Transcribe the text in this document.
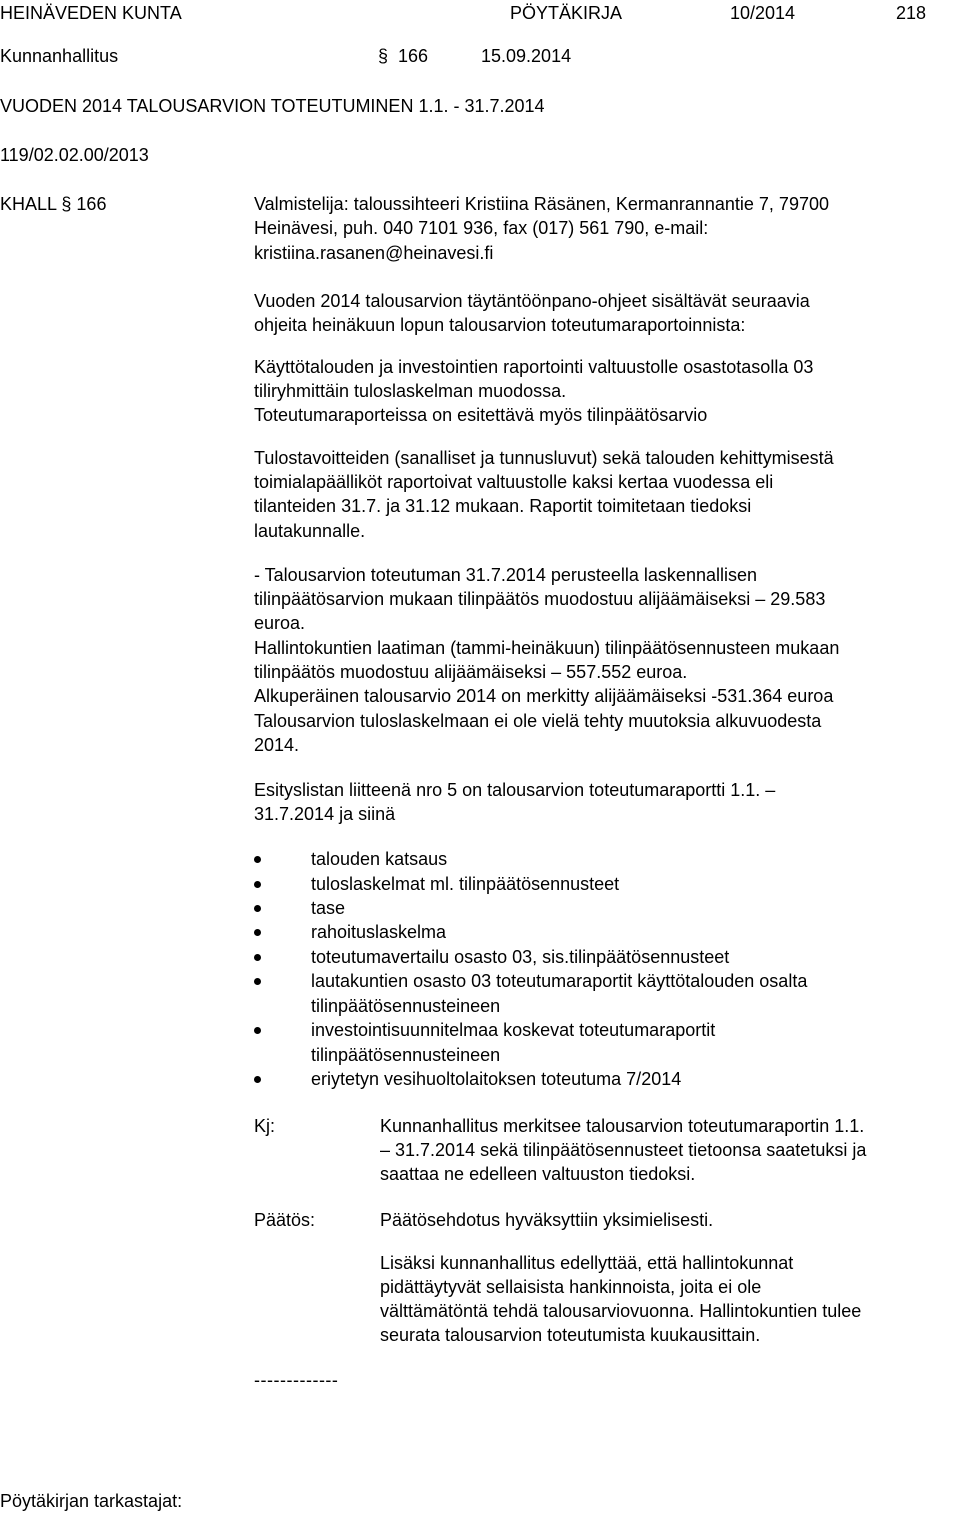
HEINÄVEDEN KUNTA	PÖYTÄKIRJA	10/2014	218
Kunnanhallitus	§ 166	15.09.2014
VUODEN 2014 TALOUSARVION TOTEUTUMINEN 1.1. - 31.7.2014
119/02.02.00/2013
KHALL § 166	Valmistelija: taloussihteeri Kristiina Räsänen, Kermanrannantie 7, 79700
Heinävesi, puh. 040 7101 936, fax (017) 561 790, e-mail:
kristiina.rasanen@heinavesi.fi
Vuoden 2014 talousarvion täytäntöönpano-ohjeet sisältävät seuraavia
ohjeita heinäkuun lopun talousarvion toteutumaraportoinnista:
Käyttötalouden ja investointien raportointi valtuustolle osastotasolla 03
tiliryhmittäin tuloslaskelman muodossa.
Toteutumaraporteissa on esitettävä myös tilinpäätösarvio
Tulostavoitteiden (sanalliset ja tunnusluvut) sekä talouden kehittymisestä
toimialapäälliköt raportoivat valtuustolle kaksi kertaa vuodessa eli
tilanteiden 31.7. ja 31.12 mukaan. Raportit toimitetaan tiedoksi
lautakunnalle.
- Talousarvion toteutuman 31.7.2014 perusteella laskennallisen
tilinpäätösarvion mukaan tilinpäätös muodostuu alijäämäiseksi – 29.583
euroa.
Hallintokuntien laatiman (tammi-heinäkuun) tilinpäätösennusteen mukaan
tilinpäätös muodostuu alijäämäiseksi – 557.552 euroa.
Alkuperäinen talousarvio 2014 on merkitty alijäämäiseksi -531.364 euroa
Talousarvion tuloslaskelmaan ei ole vielä tehty muutoksia alkuvuodesta
2014.
Esityslistan liitteenä nro 5 on talousarvion toteutumaraportti 1.1. –
31.7.2014 ja siinä
talouden katsaus
tuloslaskelmat ml. tilinpäätösennusteet
tase
rahoituslaskelma
toteutumavertailu osasto 03, sis.tilinpäätösennusteet
lautakuntien osasto 03 toteutumaraportit käyttötalouden osalta tilinpäätösennusteineen
investointisuunnitelmaa koskevat toteutumaraportit tilinpäätösennusteineen
eriytetyn vesihuoltolaitoksen toteutuma 7/2014
Kj:	Kunnanhallitus merkitsee talousarvion toteutumaraportin 1.1.
– 31.7.2014 sekä tilinpäätösennusteet tietoonsa saatetuksi ja
saattaa ne edelleen valtuuston tiedoksi.
Päätös:	Päätösehdotus hyväksyttiin yksimielisesti.
Lisäksi kunnanhallitus edellyttää, että hallintokunnat
pidättäytyvät sellaisista hankinnoista, joita ei ole
välttämätöntä tehdä talousarviovuonna. Hallintokuntien tulee
seurata talousarvion toteutumista kuukausittain.
-------------
Pöytäkirjan tarkastajat:
